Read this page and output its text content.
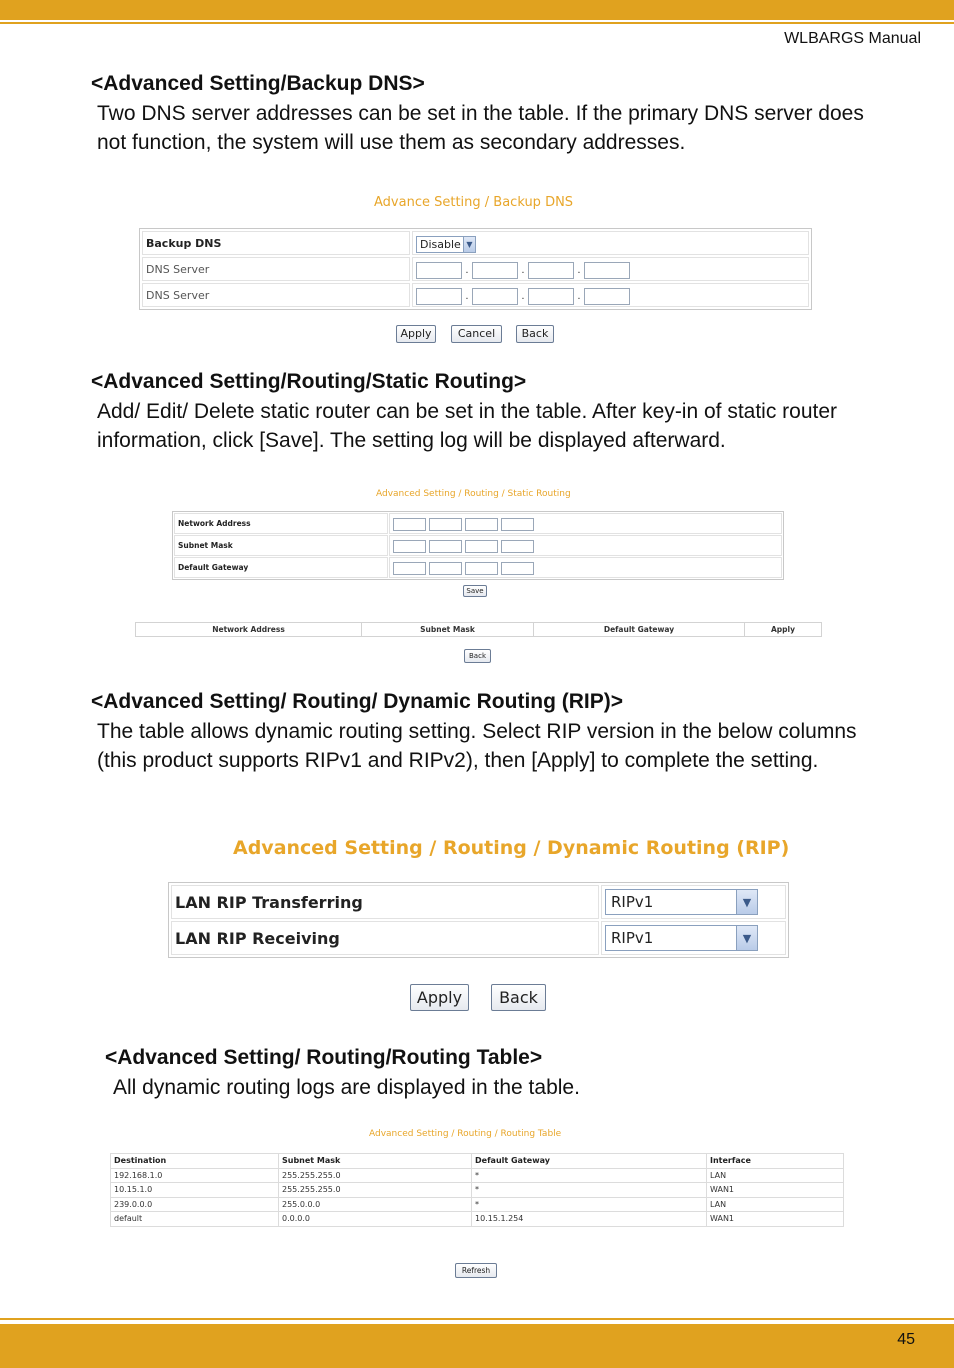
WLBARGS Manual
<Advanced Setting/Backup DNS>
Two DNS server addresses can be set in the table. If the primary DNS server does not function, the system will use them as secondary addresses.
Advance Setting / Backup DNS
Backup DNS	Disable ▼

DNS Server	. . .
DNS Server	. . .
Apply	Cancel	Back
<Advanced Setting/Routing/Static Routing>
Add/ Edit/ Delete static router can be set in the table. After key-in of static router information, click [Save]. The setting log will be displayed afterward.
Advanced Setting / Routing / Static Routing
Network Address	
Subnet Mask	
Default Gateway	
Save
Network Address	Subnet Mask	Default Gateway	Apply
Back
<Advanced Setting/ Routing/ Dynamic Routing (RIP)>
The table allows dynamic routing setting. Select RIP version in the below columns (this product supports RIPv1 and RIPv2), then [Apply] to complete the setting.
Advanced Setting / Routing / Dynamic Routing (RIP)
LAN RIP Transferring	RIPv1 ▼

LAN RIP Receiving	RIPv1 ▼
Apply	Back
<Advanced Setting/ Routing/Routing Table>
All dynamic routing logs are displayed in the table.
Advanced Setting / Routing / Routing Table
Destination	Subnet Mask	Default Gateway	Interface
192.168.1.0	255.255.255.0	*	LAN
10.15.1.0	255.255.255.0	*	WAN1
239.0.0.0	255.0.0.0	*	LAN
default	0.0.0.0	10.15.1.254	WAN1
Refresh
45
